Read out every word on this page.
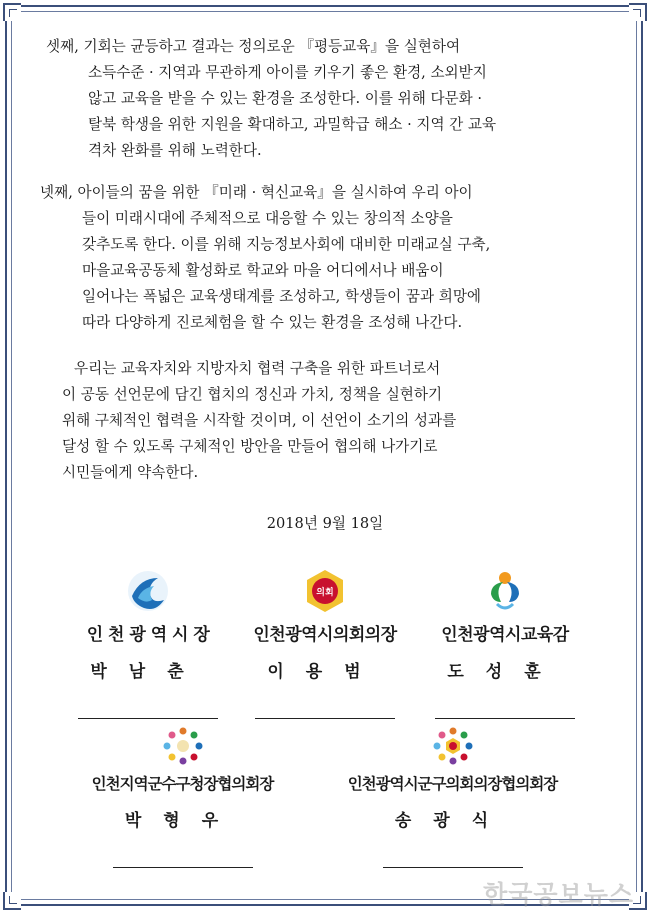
셋째, 기회는 균등하고 결과는 정의로운 『평등교육』을 실현하여
소득수준 · 지역과 무관하게 아이를 키우기 좋은 환경, 소외받지
않고 교육을 받을 수 있는 환경을 조성한다. 이를 위해 다문화 ·
탈북 학생을 위한 지원을 확대하고, 과밀학급 해소 · 지역 간 교육
격차 완화를 위해 노력한다.
넷째, 아이들의 꿈을 위한 『미래 · 혁신교육』을 실시하여 우리 아이
들이 미래시대에 주체적으로 대응할 수 있는 창의적 소양을
갖추도록 한다. 이를 위해 지능정보사회에 대비한 미래교실 구축,
마을교육공동체 활성화로 학교와 마을 어디에서나 배움이
일어나는 폭넓은 교육생태계를 조성하고, 학생들이 꿈과 희망에
따라 다양하게 진로체험을 할 수 있는 환경을 조성해 나간다.
우리는 교육자치와 지방자치 협력 구축을 위한 파트너로서
이 공동 선언문에 담긴 협치의 정신과 가치, 정책을 실현하기
위해 구체적인 협력을 시작할 것이며, 이 선언이 소기의 성과를
달성 할 수 있도록 구체적인 방안을 만들어 협의해 나가기로
시민들에게 약속한다.
2018년 9월 18일
인 천 광 역 시 장
박남춘
의회
인천광역시의회의장
이용범
인천광역시교육감
도성훈
인천지역군수구청장협의회장
박형우
인천광역시군구의회의장협의회장
송광식
한국공보뉴스
